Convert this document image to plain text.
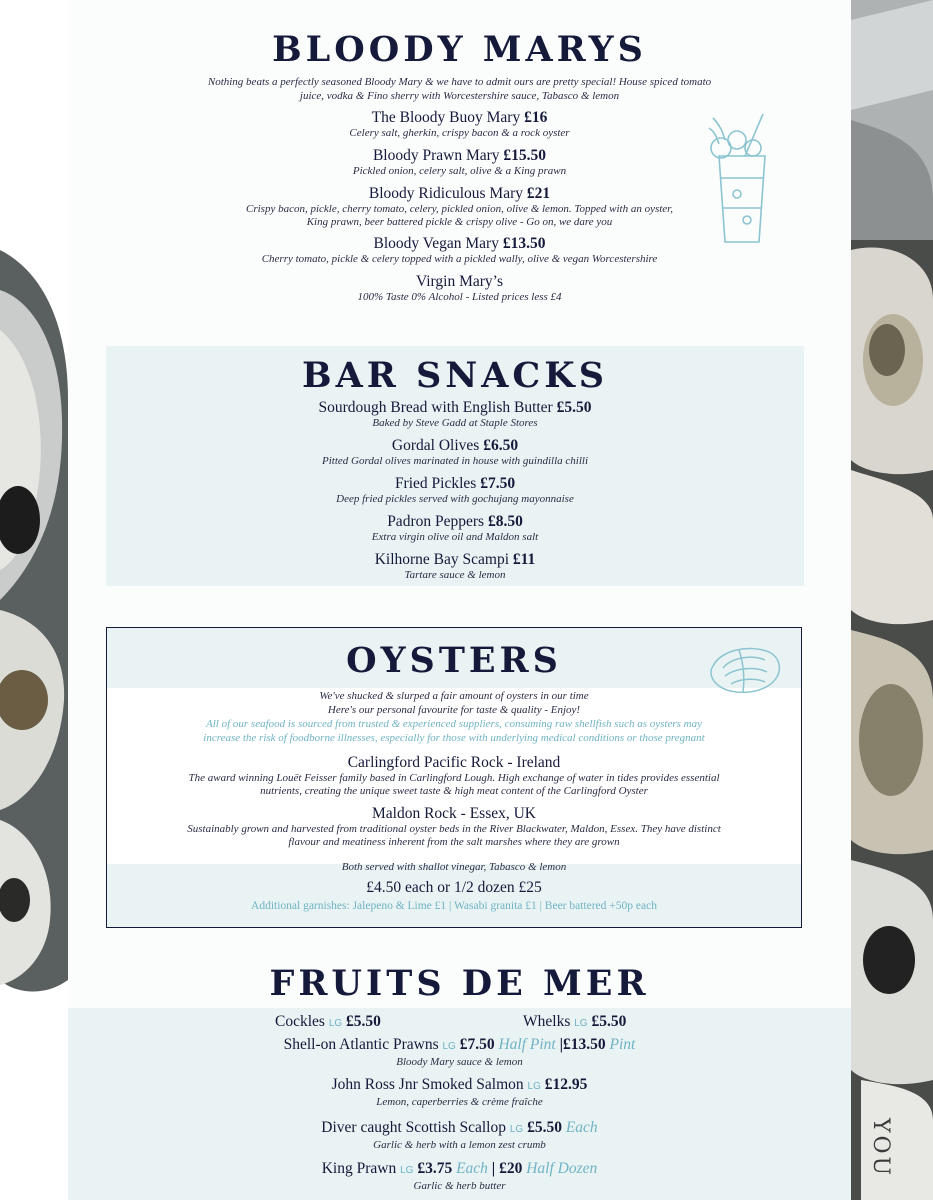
YOU
BLOODY MARYS
Nothing beats a perfectly seasoned Bloody Mary & we have to admit ours are pretty special! House spiced tomato
juice, vodka & Fino sherry with Worcestershire sauce, Tabasco & lemon
The Bloody Buoy Mary £16
Celery salt, gherkin, crispy bacon & a rock oyster
Bloody Prawn Mary £15.50
Pickled onion, celery salt, olive & a King prawn
Bloody Ridiculous Mary £21
Crispy bacon, pickle, cherry tomato, celery, pickled onion, olive & lemon. Topped with an oyster,
King prawn, beer battered pickle & crispy olive - Go on, we dare you
Bloody Vegan Mary £13.50
Cherry tomato, pickle & celery topped with a pickled wally, olive & vegan Worcestershire
Virgin Mary’s
100% Taste 0% Alcohol - Listed prices less £4
BAR SNACKS
Sourdough Bread with English Butter £5.50
Baked by Steve Gadd at Staple Stores
Gordal Olives £6.50
Pitted Gordal olives marinated in house with guindilla chilli
Fried Pickles £7.50
Deep fried pickles served with gochujang mayonnaise
Padron Peppers £8.50
Extra virgin olive oil and Maldon salt
Kilhorne Bay Scampi £11
Tartare sauce & lemon
OYSTERS
We've shucked & slurped a fair amount of oysters in our time
Here's our personal favourite for taste & quality - Enjoy!
All of our seafood is sourced from trusted & experienced suppliers, consuming raw shellfish such as oysters may
increase the risk of foodborne illnesses, especially for those with underlying medical conditions or those pregnant
Carlingford Pacific Rock - Ireland
The award winning Louët Feisser family based in Carlingford Lough. High exchange of water in tides provides essential
nutrients, creating the unique sweet taste & high meat content of the Carlingford Oyster
Maldon Rock - Essex, UK
Sustainably grown and harvested from traditional oyster beds in the River Blackwater, Maldon, Essex. They have distinct
flavour and meatiness inherent from the salt marshes where they are grown
Both served with shallot vinegar, Tabasco & lemon
£4.50 each or 1/2 dozen £25
Additional garnishes: Jalepeno & Lime £1 | Wasabi granita £1 | Beer battered +50p each
FRUITS DE MER
Cockles LG £5.50	Whelks LG £5.50
Shell-on Atlantic Prawns LG £7.50 Half Pint |£13.50 Pint
Bloody Mary sauce & lemon
John Ross Jnr Smoked Salmon LG £12.95
Lemon, caperberries & crème fraîche
Diver caught Scottish Scallop LG £5.50 Each
Garlic & herb with a lemon zest crumb
King Prawn LG £3.75 Each | £20 Half Dozen
Garlic & herb butter
